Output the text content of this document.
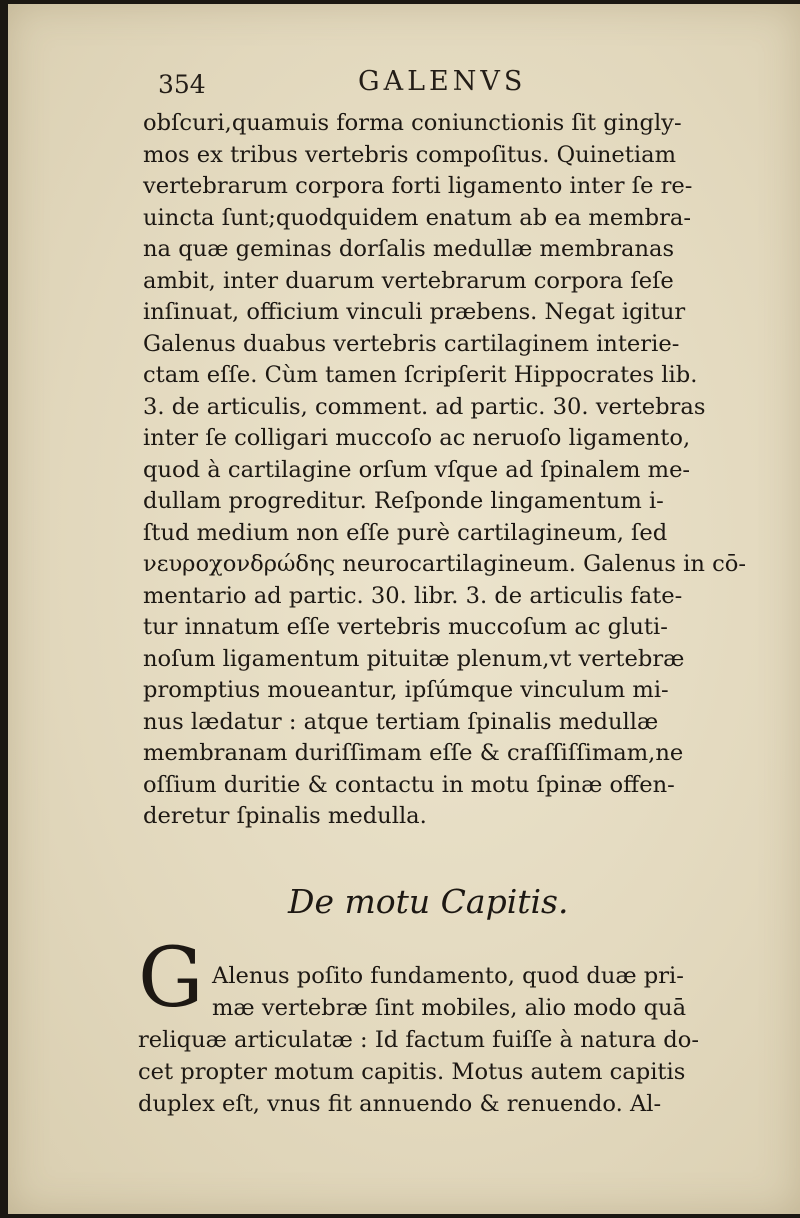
354	GALENVS
obſcuri,quamuis forma coniunctionis ſit gingly-
mos ex tribus vertebris compoſitus. Quinetiam
vertebrarum corpora forti ligamento inter ſe re-
uincta ſunt;quodquidem enatum ab ea membra-
na quæ geminas dorſalis medullæ membranas
ambit, inter duarum vertebrarum corpora ſeſe
inſinuat, officium vinculi præbens. Negat igitur
Galenus duabus vertebris cartilaginem interie-
ctam eſſe. Cùm tamen ſcripſerit Hippocrates lib.
3. de articulis, comment. ad partic. 30. vertebras
inter ſe colligari muccoſo ac neruoſo ligamento,
quod à cartilagine orſum vſque ad ſpinalem me-
dullam progreditur. Reſponde lingamentum i-
ſtud medium non eſſe purè cartilagineum, ſed
νευροχονδρώδης neurocartilagineum. Galenus in cō-
mentario ad partic. 30. libr. 3. de articulis fate-
tur innatum eſſe vertebris muccoſum ac gluti-
noſum ligamentum pituitæ plenum,vt vertebræ
promptius moueantur, ipſúmque vinculum mi-
nus lædatur : atque tertiam ſpinalis medullæ
membranam duriſſimam eſſe & craſſiſſimam,ne
oſſium duritie & contactu in motu ſpinæ offen-
deretur ſpinalis medulla.
De motu Capitis.
G Alenus poſito fundamento, quod duæ pri-
mæ vertebræ ſint mobiles, alio modo quā
reliquæ articulatæ : Id factum fuiſſe à natura do-
cet propter motum capitis. Motus autem capitis
duplex eſt, vnus fit annuendo & renuendo. Al-
